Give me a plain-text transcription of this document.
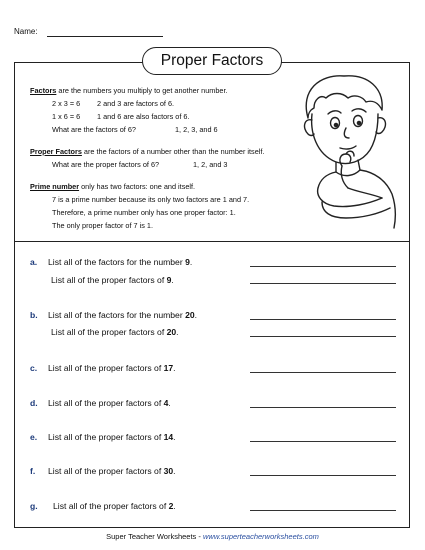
Name:
Proper Factors
Factors are the numbers you multiply to get another number.
2 x 3 = 6 2 and 3 are factors of 6.
1 x 6 = 6 1 and 6 are also factors of 6.
What are the factors of 6?	1, 2, 3, and 6
Proper Factors are the factors of a number other than the number itself.
What are the proper factors of 6?	1, 2, and 3
Prime number only has two factors: one and itself.
7 is a prime number because its only two factors are 1 and 7.
Therefore, a prime number only has one proper factor: 1.
The only proper factor of 7 is 1.
a. List all of the factors for the number 9.
List all of the proper factors of 9.
b. List all of the factors for the number 20.
List all of the proper factors of 20.
c. List all of the proper factors of 17.
d. List all of the proper factors of 4.
e. List all of the proper factors of 14.
f. List all of the proper factors of 30.
g. List all of the proper factors of 2.
Super Teacher Worksheets - www.superteacherworksheets.com
